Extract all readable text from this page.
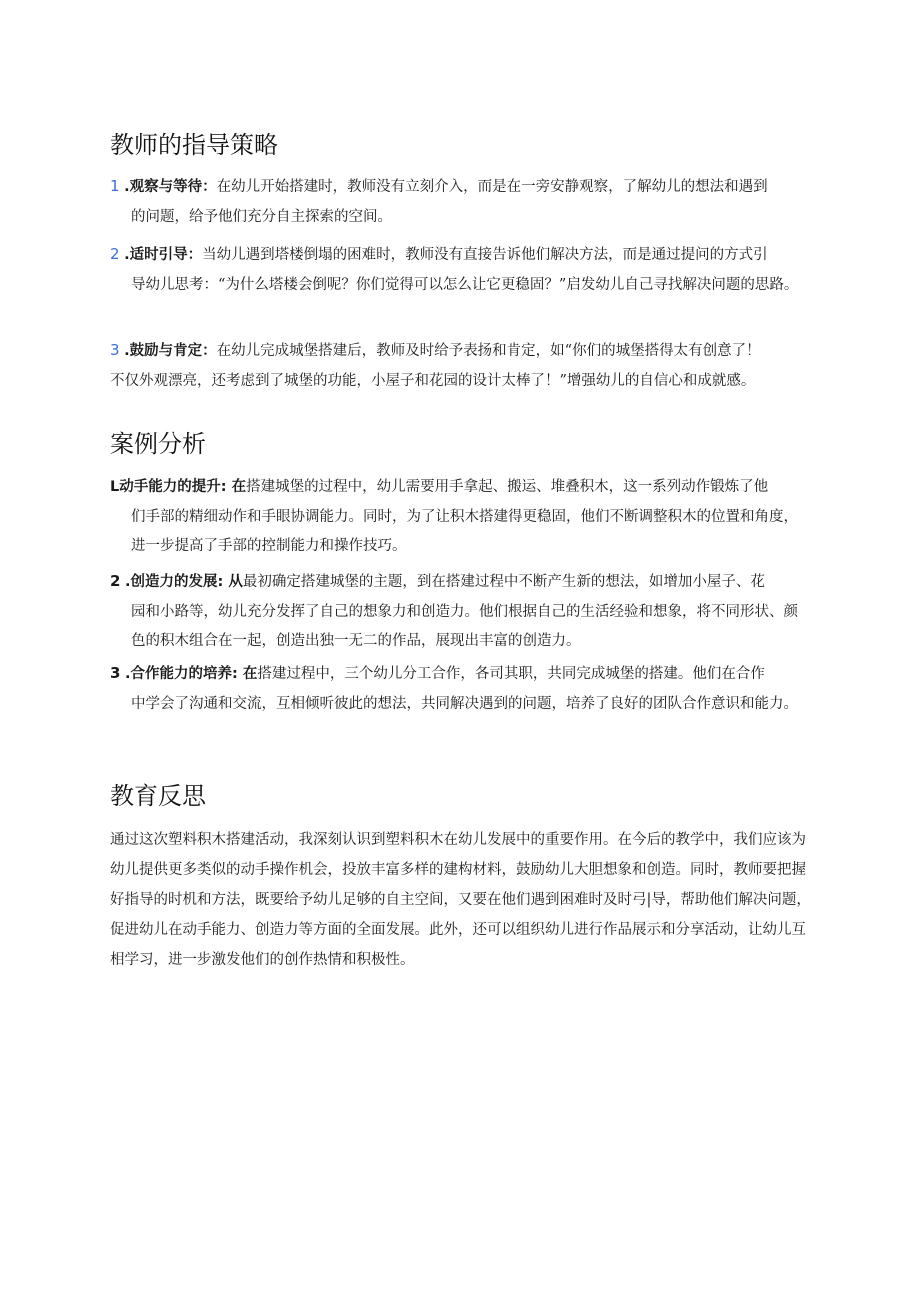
教师的指导策略
1 .观察与等待：在幼儿开始搭建时，教师没有立刻介入，而是在一旁安静观察，了解幼儿的想法和遇到
的问题，给予他们充分自主探索的空间。
2 .适时引导：当幼儿遇到塔楼倒塌的困难时，教师没有直接告诉他们解决方法，而是通过提问的方式引
导幼儿思考：“为什么塔楼会倒呢？你们觉得可以怎么让它更稳固？”启发幼儿自己寻找解决问题的思路。
3 .鼓励与肯定：在幼儿完成城堡搭建后，教师及时给予表扬和肯定，如“你们的城堡搭得太有创意了！
不仅外观漂亮，还考虑到了城堡的功能，小屋子和花园的设计太棒了！”增强幼儿的自信心和成就感。
案例分析
L动手能力的提升: 在搭建城堡的过程中，幼儿需要用手拿起、搬运、堆叠积木，这一系列动作锻炼了他
们手部的精细动作和手眼协调能力。同时，为了让积木搭建得更稳固，他们不断调整积木的位置和角度，进一步提高了手部的控制能力和操作技巧。
2 .创造力的发展: 从最初确定搭建城堡的主题，到在搭建过程中不断产生新的想法，如增加小屋子、花
园和小路等，幼儿充分发挥了自己的想象力和创造力。他们根据自己的生活经验和想象，将不同形状、颜色的积木组合在一起，创造出独一无二的作品，展现出丰富的创造力。
3 .合作能力的培养: 在搭建过程中，三个幼儿分工合作，各司其职，共同完成城堡的搭建。他们在合作
中学会了沟通和交流，互相倾听彼此的想法，共同解决遇到的问题，培养了良好的团队合作意识和能力。
教育反思
通过这次塑料积木搭建活动，我深刻认识到塑料积木在幼儿发展中的重要作用。在今后的教学中，我们应该为幼儿提供更多类似的动手操作机会，投放丰富多样的建构材料，鼓励幼儿大胆想象和创造。同时，教师要把握好指导的时机和方法，既要给予幼儿足够的自主空间，又要在他们遇到困难时及时弓|导，帮助他们解决问题，促进幼儿在动手能力、创造力等方面的全面发展。此外，还可以组织幼儿进行作品展示和分享活动，让幼儿互相学习，进一步激发他们的创作热情和积极性。
